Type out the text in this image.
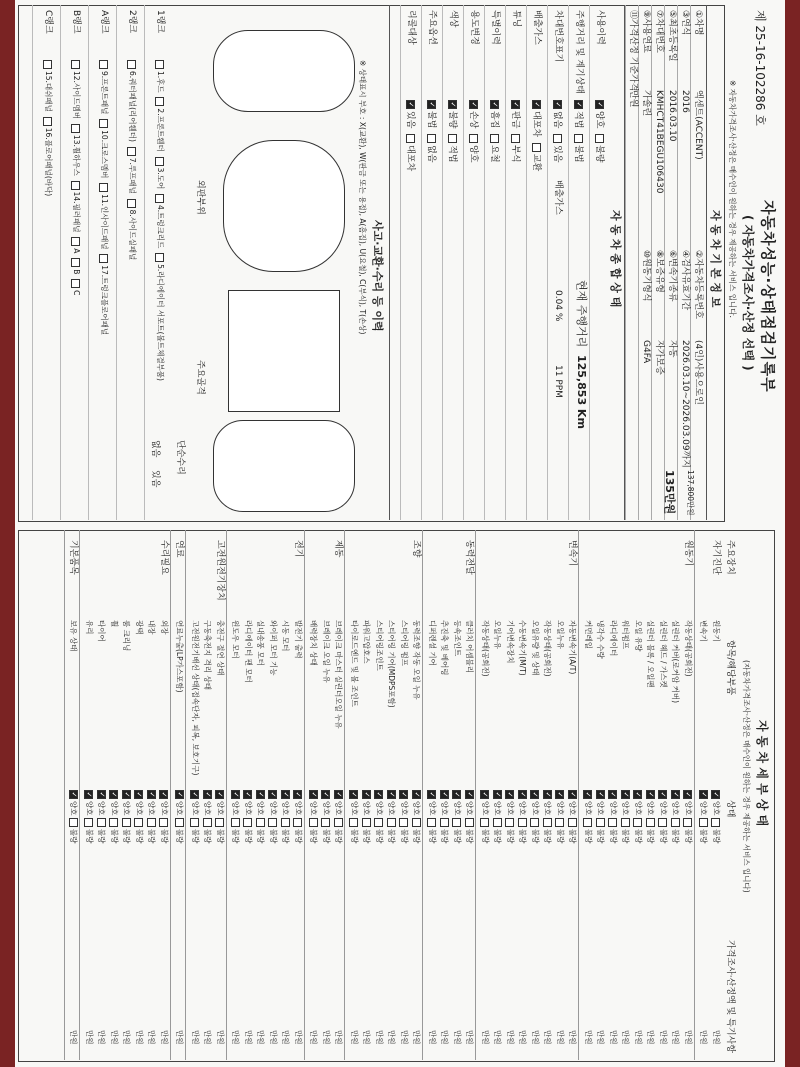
제 25-16-102286 호
자동차성능·상태점검기록부
( 자동차가격조사·산정 선택 )
※ 자동차가격조사·산정은 매수인이 원하는 경우 제공하는 서비스 입니다.
자 동 차 기 본 정 보
①차명
엑센트(ACCENT)
②자동차등록번호
(4인)사용으로인
③연식
2016
④검사유효기간
2026.03.10~2026.03.09까지
⑤최초등록일
2016.03.10
⑥변속기종류
자동
⑦차대번호
KMHCT41BEGU106430
⑧보증유형
자가보증
⑨사용연료
가솔린
⑩원동기형식
G4FA
⑪가격산정 기준가격
만원
자 동 차 종 합 상 태
현재 주행거리
125,853 Km
배출가스
0.04 %
11 PPM
사용이력
주행거리 및 계기상태
차대번호표기
배출가스
튜닝
특별이력
용도변경
색상
주요옵션
리콜대상
✓양호  불량
✓적법  불법
✓없음  있음
✓대포차  교환
✓판금  부식
✓흠집  요철
✓손상  양호
✓불량  적법
✓불법  없음
✓있음  대포차
135만원 137,800만원
사고·교환·수리 등 이력
※ 상태표시 부호 : X(교환), W(판금 또는 용접), A(흠집), U(요철), C(부식), T(손상)
외판부위
주요골격
단순수리
1랭크
1.후드  2.프론트휀더  3.도어  4.트렁크리드  5.라디에이터 서포트(볼트체결부품)
2랭크
6.쿼터패널(리어휀더)  7.루프패널  8.사이드실패널
A랭크
9.프론트패널  10.크로스멤버  11.인사이드패널  17.트렁크플로어패널
B랭크
12.사이드멤버  13.휠하우스  14.필러패널  A  B  C
C랭크
15.대쉬패널  16.플로어패널(바닥)
없음
있음
자 동 차 세 부 상 태
(자동차가격조사·산정은 매수인이 원하는 경우 제공하는 서비스 입니다)
주요장치
항목/해당부품
상태
가격조사·산정액 및 특기사항
자기진단
원동기
✓양호 불량
만원
변속기
✓양호 불량
만원
원동기
작동상태(공회전)
✓양호 불량
만원
실린더 커버(로커암 커버)
✓양호 불량
만원
실린더 헤드 / 가스켓
✓양호 불량
만원
실린더 블록 / 오일팬
✓양호 불량
만원
오일 유량
✓양호 불량
만원
워터펌프
✓양호 불량
만원
라디에이터
✓양호 불량
만원
냉각수 수량
✓양호 불량
만원
커먼레일
✓양호 불량
만원
변속기
자동변속기(A/T)
✓양호 불량
만원
오일누유
✓양호 불량
만원
작동상태(공회전)
✓양호 불량
만원
오일유량 및 상태
✓양호 불량
만원
수동변속기(M/T)
✓양호 불량
만원
기어변속장치
✓양호 불량
만원
오일누유
✓양호 불량
만원
작동상태(공회전)
✓양호 불량
만원
동력전달
클러치 어셈블리
✓양호 불량
만원
등속조인트
✓양호 불량
만원
추진축 및 베어링
✓양호 불량
만원
디퍼렌셜 기어
✓양호 불량
만원
조향
동력조향 작동 오일 누유
✓양호 불량
만원
스티어링 펌프
✓양호 불량
만원
스티어링 기어(MDPS포함)
✓양호 불량
만원
스티어링조인트
✓양호 불량
만원
파워고압호스
✓양호 불량
만원
타이로드엔드 및 볼 조인트
✓양호 불량
만원
제동
브레이크 마스터 실린더오일 누유
✓양호 불량
만원
브레이크 오일 누유
✓양호 불량
만원
배력장치 상태
✓양호 불량
만원
전기
발전기 출력
✓양호 불량
만원
시동 모터
✓양호 불량
만원
와이퍼 모터 기능
✓양호 불량
만원
실내송풍 모터
✓양호 불량
만원
라디에이터 팬 모터
✓양호 불량
만원
윈도우 모터
✓양호 불량
만원
고전원전기장치
충전구 절연 상태
✓양호 불량
만원
구동축전지 격리 상태
✓양호 불량
만원
고전원전기배선 상태(접속단자, 피복, 보호기구)
✓양호 불량
만원
연료
연료누출(LP가스포함)
✓양호 불량
만원
수리필요
외장
✓양호 불량
만원
내장
✓양호 불량
만원
광택
✓양호 불량
만원
룸 크리닝
✓양호 불량
만원
휠
✓양호 불량
만원
타이어
✓양호 불량
만원
유리
✓양호 불량
만원
기본품목
보유 상태
✓양호 불량
만원
